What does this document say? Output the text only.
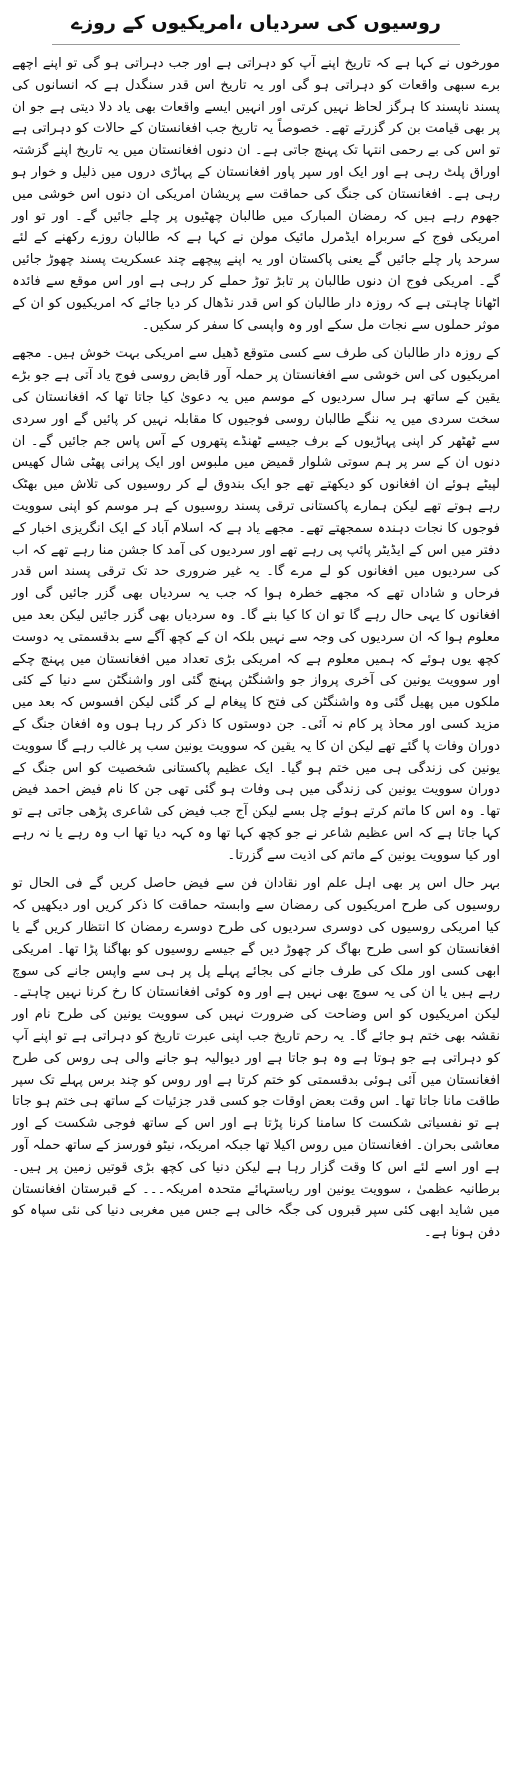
روسیوں کی سردیاں ،امریکیوں کے روزے

مورخوں نے کہا ہے کہ تاریخ اپنے آپ کو دہراتی ہے اور جب دہراتی ہو گی تو اپنے اچھے برے سبھی واقعات کو دہراتی ہو گی اور یہ تاریخ اس قدر سنگدل ہے کہ انسانوں کی پسند ناپسند کا ہرگز لحاظ نہیں کرتی اور انہیں ایسے واقعات بھی یاد دلا دیتی ہے جو ان پر بھی قیامت بن کر گزرتے تھے۔ خصوصاً یہ تاریخ جب افغانستان کے حالات کو دہراتی ہے تو اس کی بے رحمی انتہا تک پہنچ جاتی ہے۔ ان دنوں افغانستان میں یہ تاریخ اپنے گزشتہ اوراق پلٹ رہی ہے اور ایک اور سپر پاور افغانستان کے پہاڑی دروں میں ذلیل و خوار ہو رہی ہے۔ افغانستان کی جنگ کی حماقت سے پریشان امریکی ان دنوں اس خوشی میں جھوم رہے ہیں کہ رمضان المبارک میں طالبان چھٹیوں پر چلے جائیں گے۔ اور تو اور امریکی فوج کے سربراہ ایڈمرل مائیک مولن نے کہا ہے کہ طالبان روزے رکھنے کے لئے سرحد پار چلے جائیں گے یعنی پاکستان اور یہ اپنے پیچھے چند عسکریت پسند چھوڑ جائیں گے۔ امریکی فوج ان دنوں طالبان پر تابڑ توڑ حملے کر رہی ہے اور اس موقع سے فائدہ اٹھانا چاہتی ہے کہ روزہ دار طالبان کو اس قدر نڈھال کر دیا جائے کہ امریکیوں کو ان کے موثر حملوں سے نجات مل سکے اور وہ واپسی کا سفر کر سکیں۔

کے روزہ دار طالبان کی طرف سے کسی متوقع ڈھیل سے امریکی بہت خوش ہیں۔ مجھے امریکیوں کی اس خوشی سے افغانستان پر حملہ آور قابض روسی فوج یاد آتی ہے جو بڑے یقین کے ساتھ ہر سال سردیوں کے موسم میں یہ دعویٰ کیا جاتا تھا کہ افغانستان کی سخت سردی میں یہ ننگے طالبان روسی فوجیوں کا مقابلہ نہیں کر پائیں گے اور سردی سے ٹھٹھر کر اپنی پہاڑیوں کے برف جیسے ٹھنڈے پتھروں کے آس پاس جم جائیں گے۔ ان دنوں ان کے سر پر ہم سوتی شلوار قمیض میں ملبوس اور ایک پرانی پھٹی شال کھیس لپیٹے ہوئے ان افغانوں کو دیکھتے تھے جو ایک بندوق لے کر روسیوں کی تلاش میں بھٹک رہے ہوتے تھے لیکن ہمارے پاکستانی ترقی پسند روسیوں کے ہر موسم کو اپنی سوویت فوجوں کا نجات دہندہ سمجھتے تھے۔ مجھے یاد ہے کہ اسلام آباد کے ایک انگریزی اخبار کے دفتر میں اس کے ایڈیٹر پائپ پی رہے تھے اور سردیوں کی آمد کا جشن منا رہے تھے کہ اب کی سردیوں میں افغانوں کو لے مرے گا۔ یہ غیر ضروری حد تک ترقی پسند اس قدر فرحاں و شاداں تھے کہ مجھے خطرہ ہوا کہ جب یہ سردیاں بھی گزر جائیں گی اور افغانوں کا یہی حال رہے گا تو ان کا کیا بنے گا۔ وہ سردیاں بھی گزر جائیں لیکن بعد میں معلوم ہوا کہ ان سردیوں کی وجہ سے نہیں بلکہ ان کے کچھ آگے سے بدقسمتی یہ دوست کچھ یوں ہوئے کہ ہمیں معلوم ہے کہ امریکی بڑی تعداد میں افغانستان میں پہنچ چکے اور سوویت یونین کی آخری پرواز جو واشنگٹن پہنچ گئی اور واشنگٹن سے دنیا کے کئی ملکوں میں پھیل گئی وہ واشنگٹن کی فتح کا پیغام لے کر گئی لیکن افسوس کہ بعد میں مزید کسی اور محاذ پر کام نہ آئی۔ جن دوستوں کا ذکر کر رہا ہوں وہ افغان جنگ کے دوران وفات پا گئے تھے لیکن ان کا یہ یقین کہ سوویت یونین سب پر غالب رہے گا سوویت یونین کی زندگی ہی میں ختم ہو گیا۔ ایک عظیم پاکستانی شخصیت کو اس جنگ کے دوران سوویت یونین کی زندگی میں ہی وفات ہو گئی تھی جن کا نام فیض احمد فیض تھا۔ وہ اس کا ماتم کرتے ہوئے چل بسے لیکن آج جب فیض کی شاعری پڑھی جاتی ہے تو کہا جاتا ہے کہ اس عظیم شاعر نے جو کچھ کہا تھا وہ کہہ دیا تھا اب وہ رہے یا نہ رہے اور کیا سوویت یونین کے ماتم کی اذیت سے گزرتا۔

بہر حال اس پر بھی اہل علم اور نقادان فن سے فیض حاصل کریں گے فی الحال تو روسیوں کی طرح امریکیوں کی رمضان سے وابستہ حماقت کا ذکر کریں اور دیکھیں کہ کیا امریکی روسیوں کی دوسری سردیوں کی طرح دوسرے رمضان کا انتظار کریں گے یا افغانستان کو اسی طرح بھاگ کر چھوڑ دیں گے جیسے روسیوں کو بھاگنا پڑا تھا۔ امریکی ابھی کسی اور ملک کی طرف جانے کی بجائے پہلے پل پر ہی سے واپس جانے کی سوچ رہے ہیں یا ان کی یہ سوچ بھی نہیں ہے اور وہ کوئی افغانستان کا رخ کرنا نہیں چاہتے۔ لیکن امریکیوں کو اس وضاحت کی ضرورت نہیں کی سوویت یونین کی طرح نام اور نقشہ بھی ختم ہو جائے گا۔ یہ رحم تاریخ جب اپنی عبرت تاریخ کو دہراتی ہے تو اپنے آپ کو دہراتی ہے جو ہوتا ہے وہ ہو جاتا ہے اور دیوالیہ ہو جانے والی ہی روس کی طرح افغانستان میں آئی ہوئی بدقسمتی کو ختم کرتا ہے اور روس کو چند برس پہلے تک سپر طاقت مانا جاتا تھا۔ اس وقت بعض اوقات جو کسی قدر جزئیات کے ساتھ ہی ختم ہو جاتا ہے تو نفسیاتی شکست کا سامنا کرنا پڑتا ہے اور اس کے ساتھ فوجی شکست کے اور معاشی بحران۔ افغانستان میں روس اکیلا تھا جبکہ امریکہ، نیٹو فورسز کے ساتھ حملہ آور ہے اور اسے لئے اس کا وقت گزار رہا ہے لیکن دنیا کی کچھ بڑی قوتیں زمین پر ہیں۔ برطانیہ عظمیٰ ، سوویت یونین اور ریاستہائے متحدہ امریکہ۔۔۔ کے قبرستان افغانستان میں شاید ابھی کئی سپر قبروں کی جگہ خالی ہے جس میں مغربی دنیا کی نئی سپاہ کو دفن ہونا ہے۔
